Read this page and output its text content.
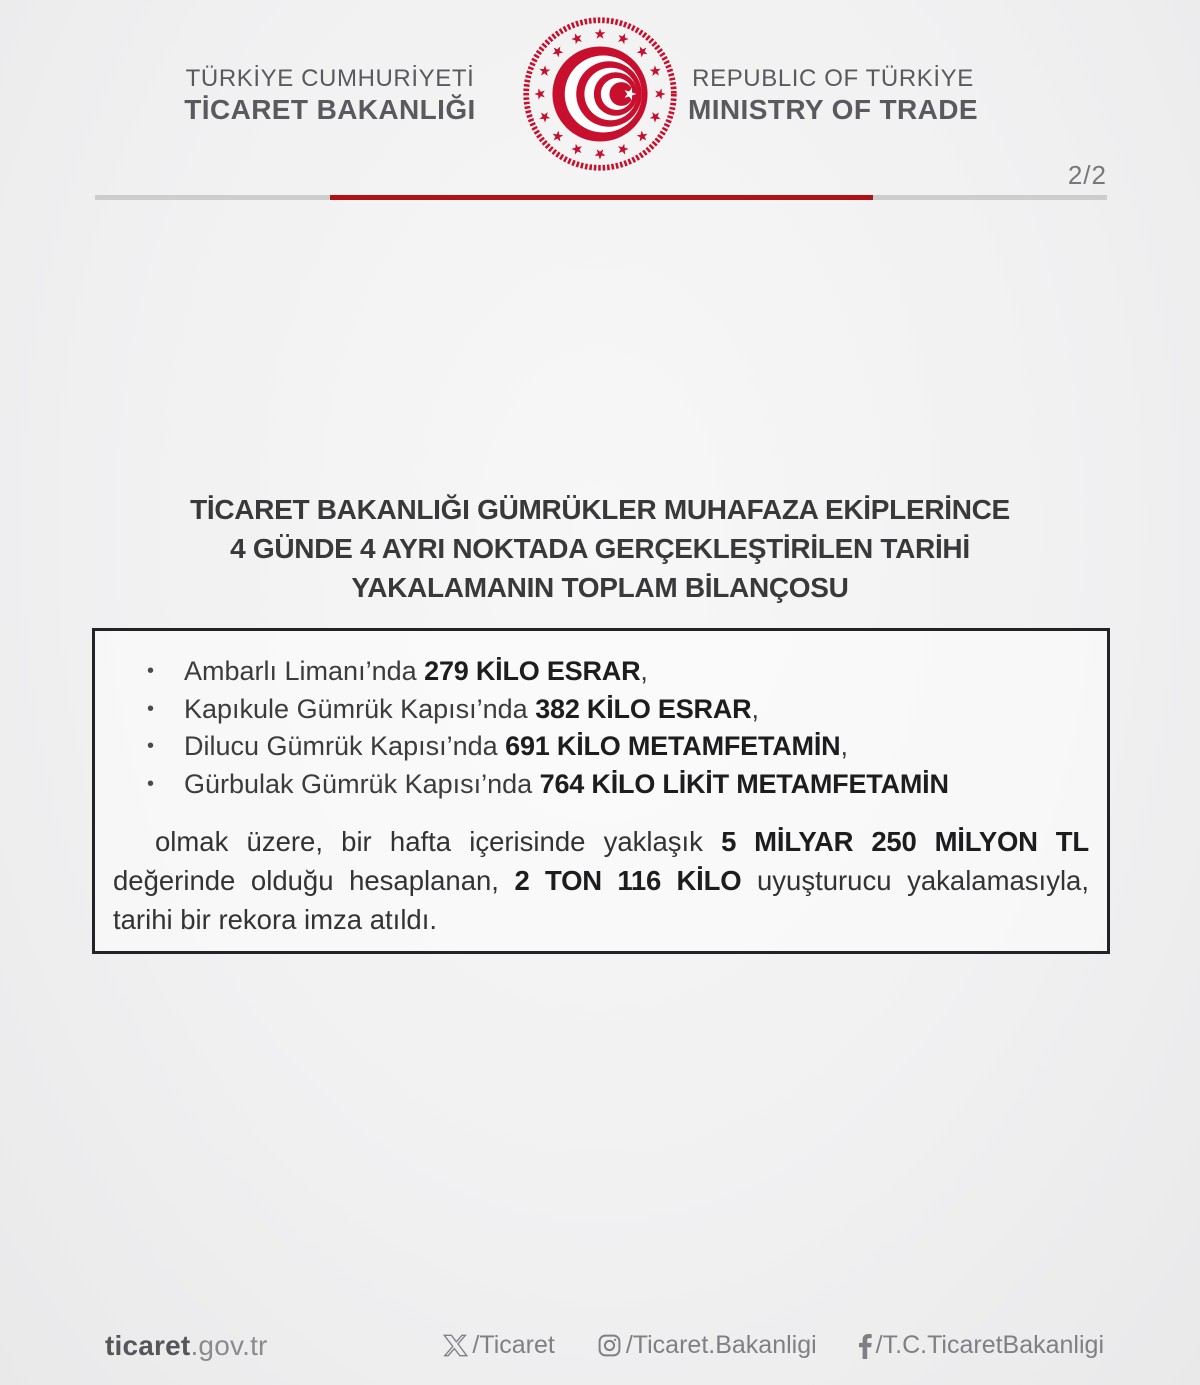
TÜRKİYE CUMHURİYETİ
TİCARET BAKANLIĞI
REPUBLIC OF TÜRKİYE
MINISTRY OF TRADE
2/2
TİCARET BAKANLIĞI GÜMRÜKLER MUHAFAZA EKİPLERİNCE
4 GÜNDE 4 AYRI NOKTADA GERÇEKLEŞTİRİLEN TARİHİ
YAKALAMANIN TOPLAM BİLANÇOSU
•	Ambarlı Limanı’nda 279 KİLO ESRAR,
•	Kapıkule Gümrük Kapısı’nda 382 KİLO ESRAR,
•	Dilucu Gümrük Kapısı’nda 691 KİLO METAMFETAMİN,
•	Gürbulak Gümrük Kapısı’nda 764 KİLO LİKİT METAMFETAMİN
olmak üzere, bir hafta içerisinde yaklaşık 5 MİLYAR 250 MİLYON TL değerinde olduğu hesaplanan, 2 TON 116 KİLO uyuşturucu yakalamasıyla, tarihi bir rekora imza atıldı.
ticaret.gov.tr	/Ticaret	/Ticaret.Bakanligi /T.C.TicaretBakanligi
